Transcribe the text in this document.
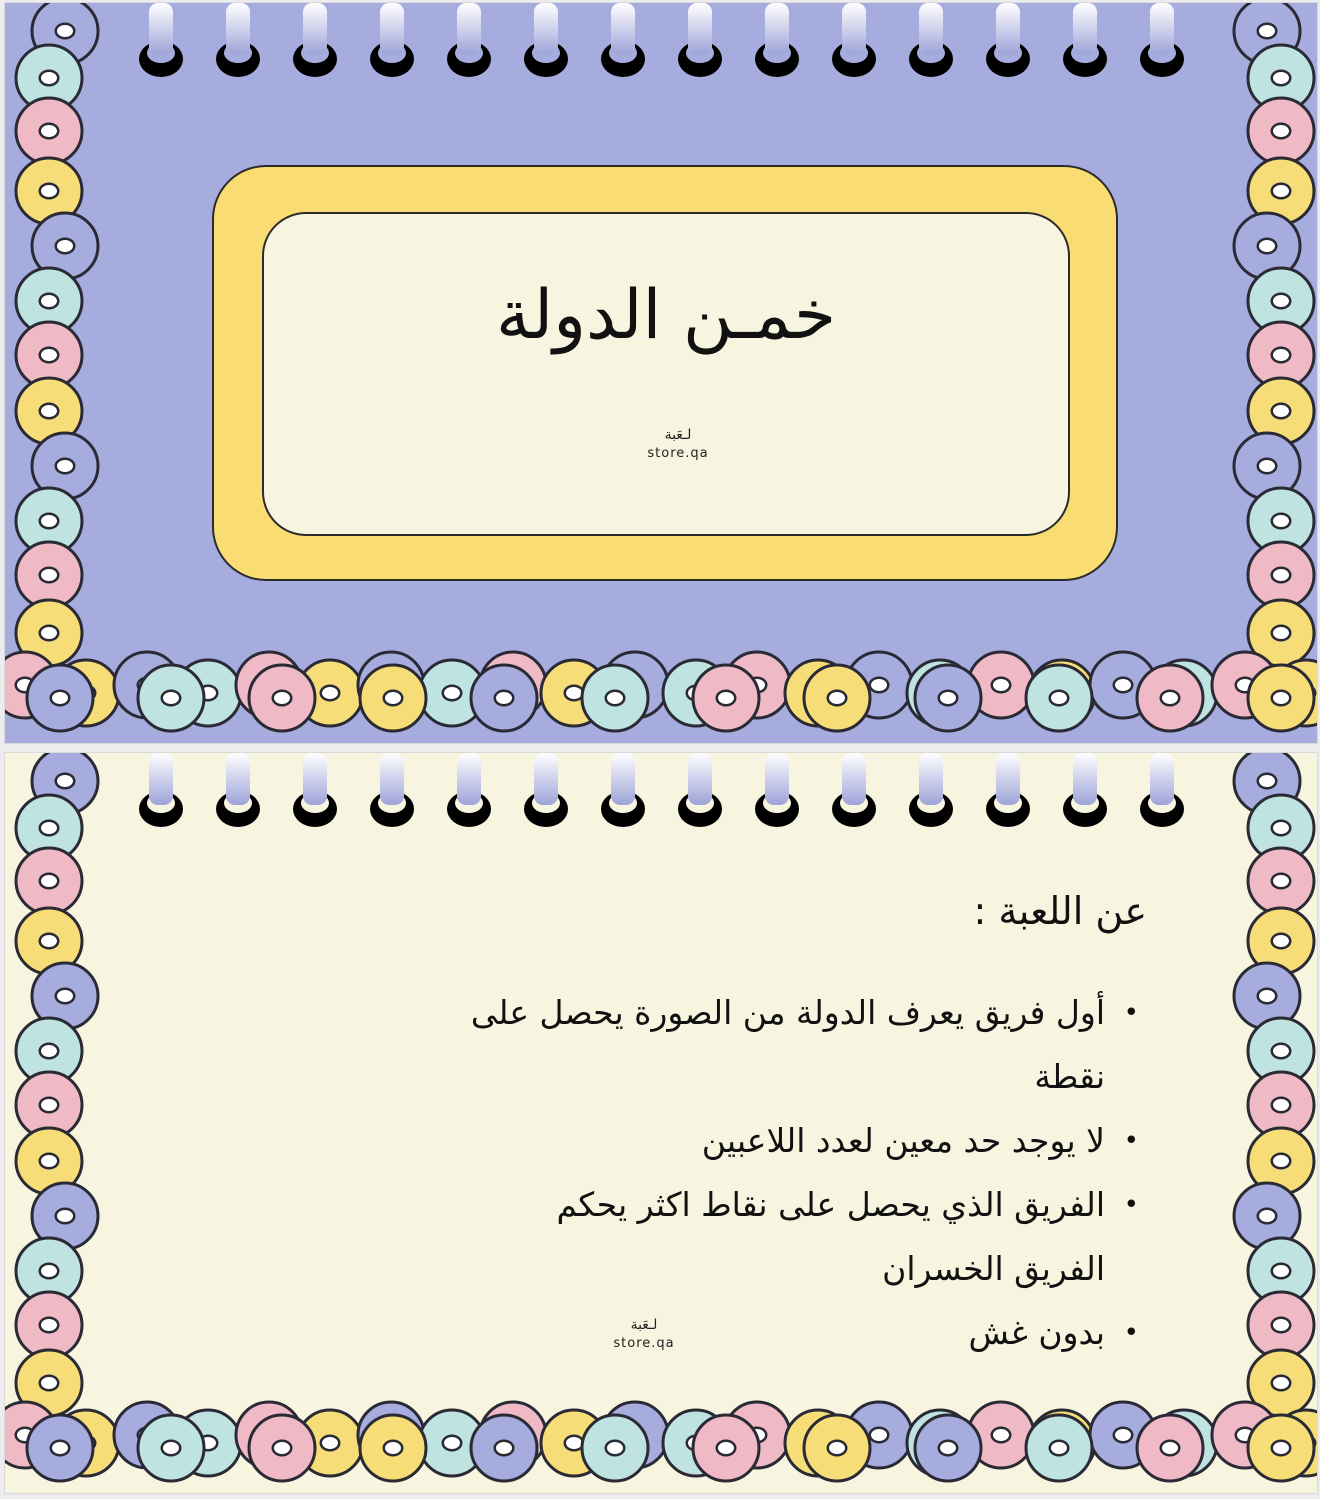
خمـن الدولة
لـعَبة
store.qa
عن اللعبة :
• أول فريق يعرف الدولة من الصورة يحصل على نقطة
• لا يوجد حد معين لعدد اللاعبين
• الفريق الذي يحصل على نقاط اكثر يحكم الفريق الخسران
• بدون غش
لـعَبة
store.qa
